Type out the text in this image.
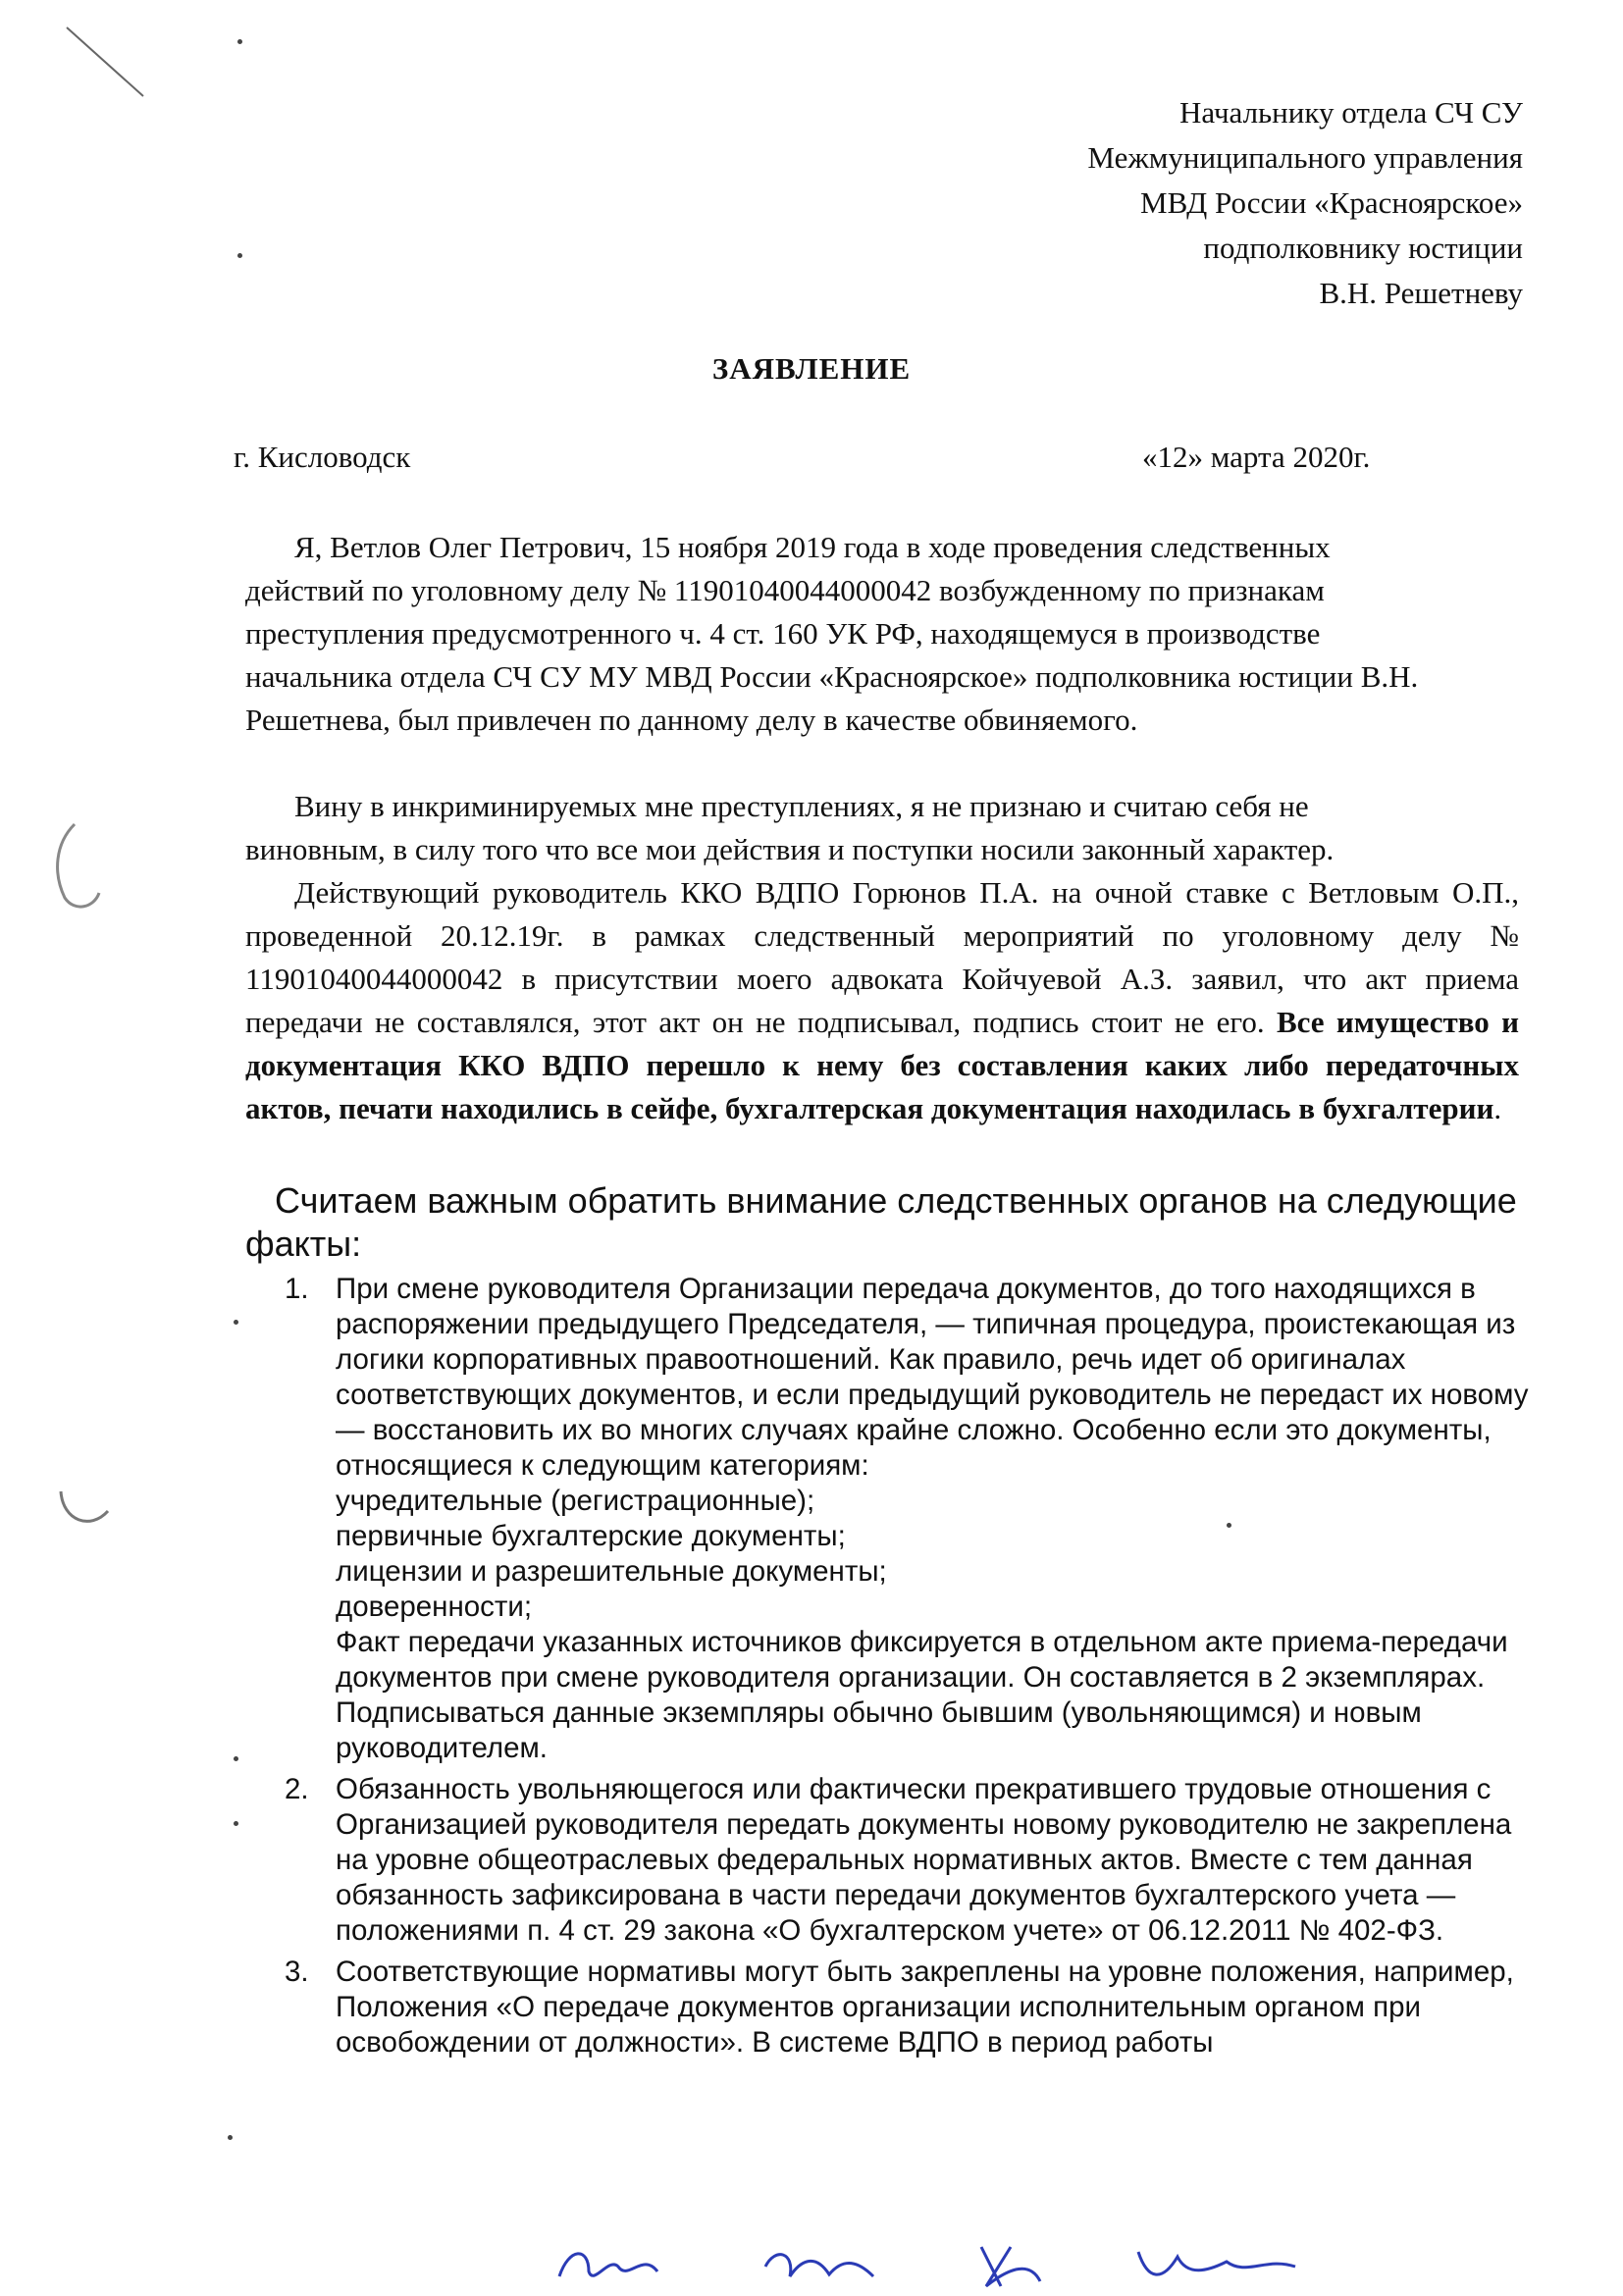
Начальнику отдела СЧ СУ
Межмуниципального управления
МВД России «Красноярское»
подполковнику юстиции
В.Н. Решетневу
ЗАЯВЛЕНИЕ
г. Кисловодск	«12» марта 2020г.
Я, Ветлов Олег Петрович, 15 ноября 2019 года в ходе проведения следственных действий по уголовному делу № 11901040044000042 возбужденному по признакам преступления предусмотренного ч. 4 ст. 160 УК РФ, находящемуся в производстве начальника отдела СЧ СУ МУ МВД России «Красноярское» подполковника юстиции В.Н. Решетнева, был привлечен по данному делу в качестве обвиняемого.
Вину в инкриминируемых мне преступлениях, я не признаю и считаю себя не виновным, в силу того что все мои действия и поступки носили законный характер.
Действующий руководитель ККО ВДПО Горюнов П.А. на очной ставке с Ветловым О.П., проведенной 20.12.19г. в рамках следственный мероприятий по уголовному делу № 11901040044000042 в присутствии моего адвоката Койчуевой А.З. заявил, что акт приема передачи не составлялся, этот акт он не подписывал, подпись стоит не его. Все имущество и документация ККО ВДПО перешло к нему без составления каких либо передаточных актов, печати находились в сейфе, бухгалтерская документация находилась в бухгалтерии.
Считаем важным обратить внимание следственных органов на следующие факты:
1. При смене руководителя Организации передача документов, до того находящихся в распоряжении предыдущего Председателя, — типичная процедура, проистекающая из логики корпоративных правоотношений. Как правило, речь идет об оригиналах соответствующих документов, и если предыдущий руководитель не передаст их новому — восстановить их во многих случаях крайне сложно. Особенно если это документы, относящиеся к следующим категориям:
учредительные (регистрационные);
первичные бухгалтерские документы;
лицензии и разрешительные документы;
доверенности;
Факт передачи указанных источников фиксируется в отдельном акте приема-передачи документов при смене руководителя организации. Он составляется в 2 экземплярах.
Подписываться данные экземпляры обычно бывшим (увольняющимся) и новым руководителем.
2. Обязанность увольняющегося или фактически прекратившего трудовые отношения с Организацией руководителя передать документы новому руководителю не закреплена на уровне общеотраслевых федеральных нормативных актов. Вместе с тем данная обязанность зафиксирована в части передачи документов бухгалтерского учета — положениями п. 4 ст. 29 закона «О бухгалтерском учете» от 06.12.2011 № 402-ФЗ.
3. Соответствующие нормативы могут быть закреплены на уровне положения, например, Положения «О передаче документов организации исполнительным органом при освобождении от должности». В системе ВДПО в период работы
